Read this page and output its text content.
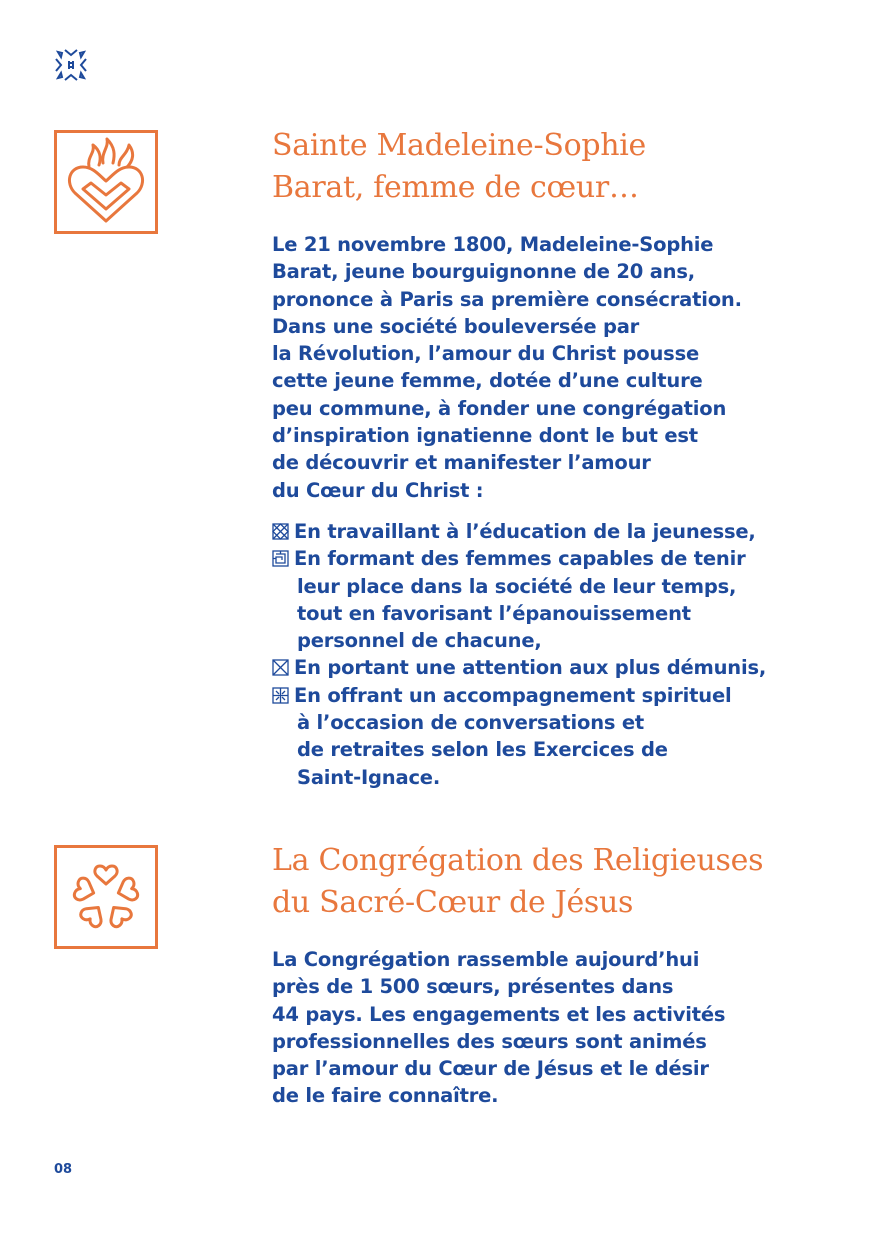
Sainte Madeleine-Sophie
Barat, femme de cœur…

Le 21 novembre 1800, Madeleine-Sophie
Barat, jeune bourguignonne de 20 ans,
prononce à Paris sa première consécration.
Dans une société bouleversée par
la Révolution, l’amour du Christ pousse
cette jeune femme, dotée d’une culture
peu commune, à fonder une congrégation
d’inspiration ignatienne dont le but est
de découvrir et manifester l’amour
du Cœur du Christ :

En travaillant à l’éducation de la jeunesse,
En formant des femmes capables de tenir
leur place dans la société de leur temps,
tout en favorisant l’épanouissement
personnel de chacune,
En portant une attention aux plus démunis,
En offrant un accompagnement spirituel
à l’occasion de conversations et
de retraites selon les Exercices de
Saint-Ignace.
La Congrégation des Religieuses
du Sacré-Cœur de Jésus

La Congrégation rassemble aujourd’hui
près de 1 500 sœurs, présentes dans
44 pays. Les engagements et les activités
professionnelles des sœurs sont animés
par l’amour du Cœur de Jésus et le désir
de le faire connaître.

08
